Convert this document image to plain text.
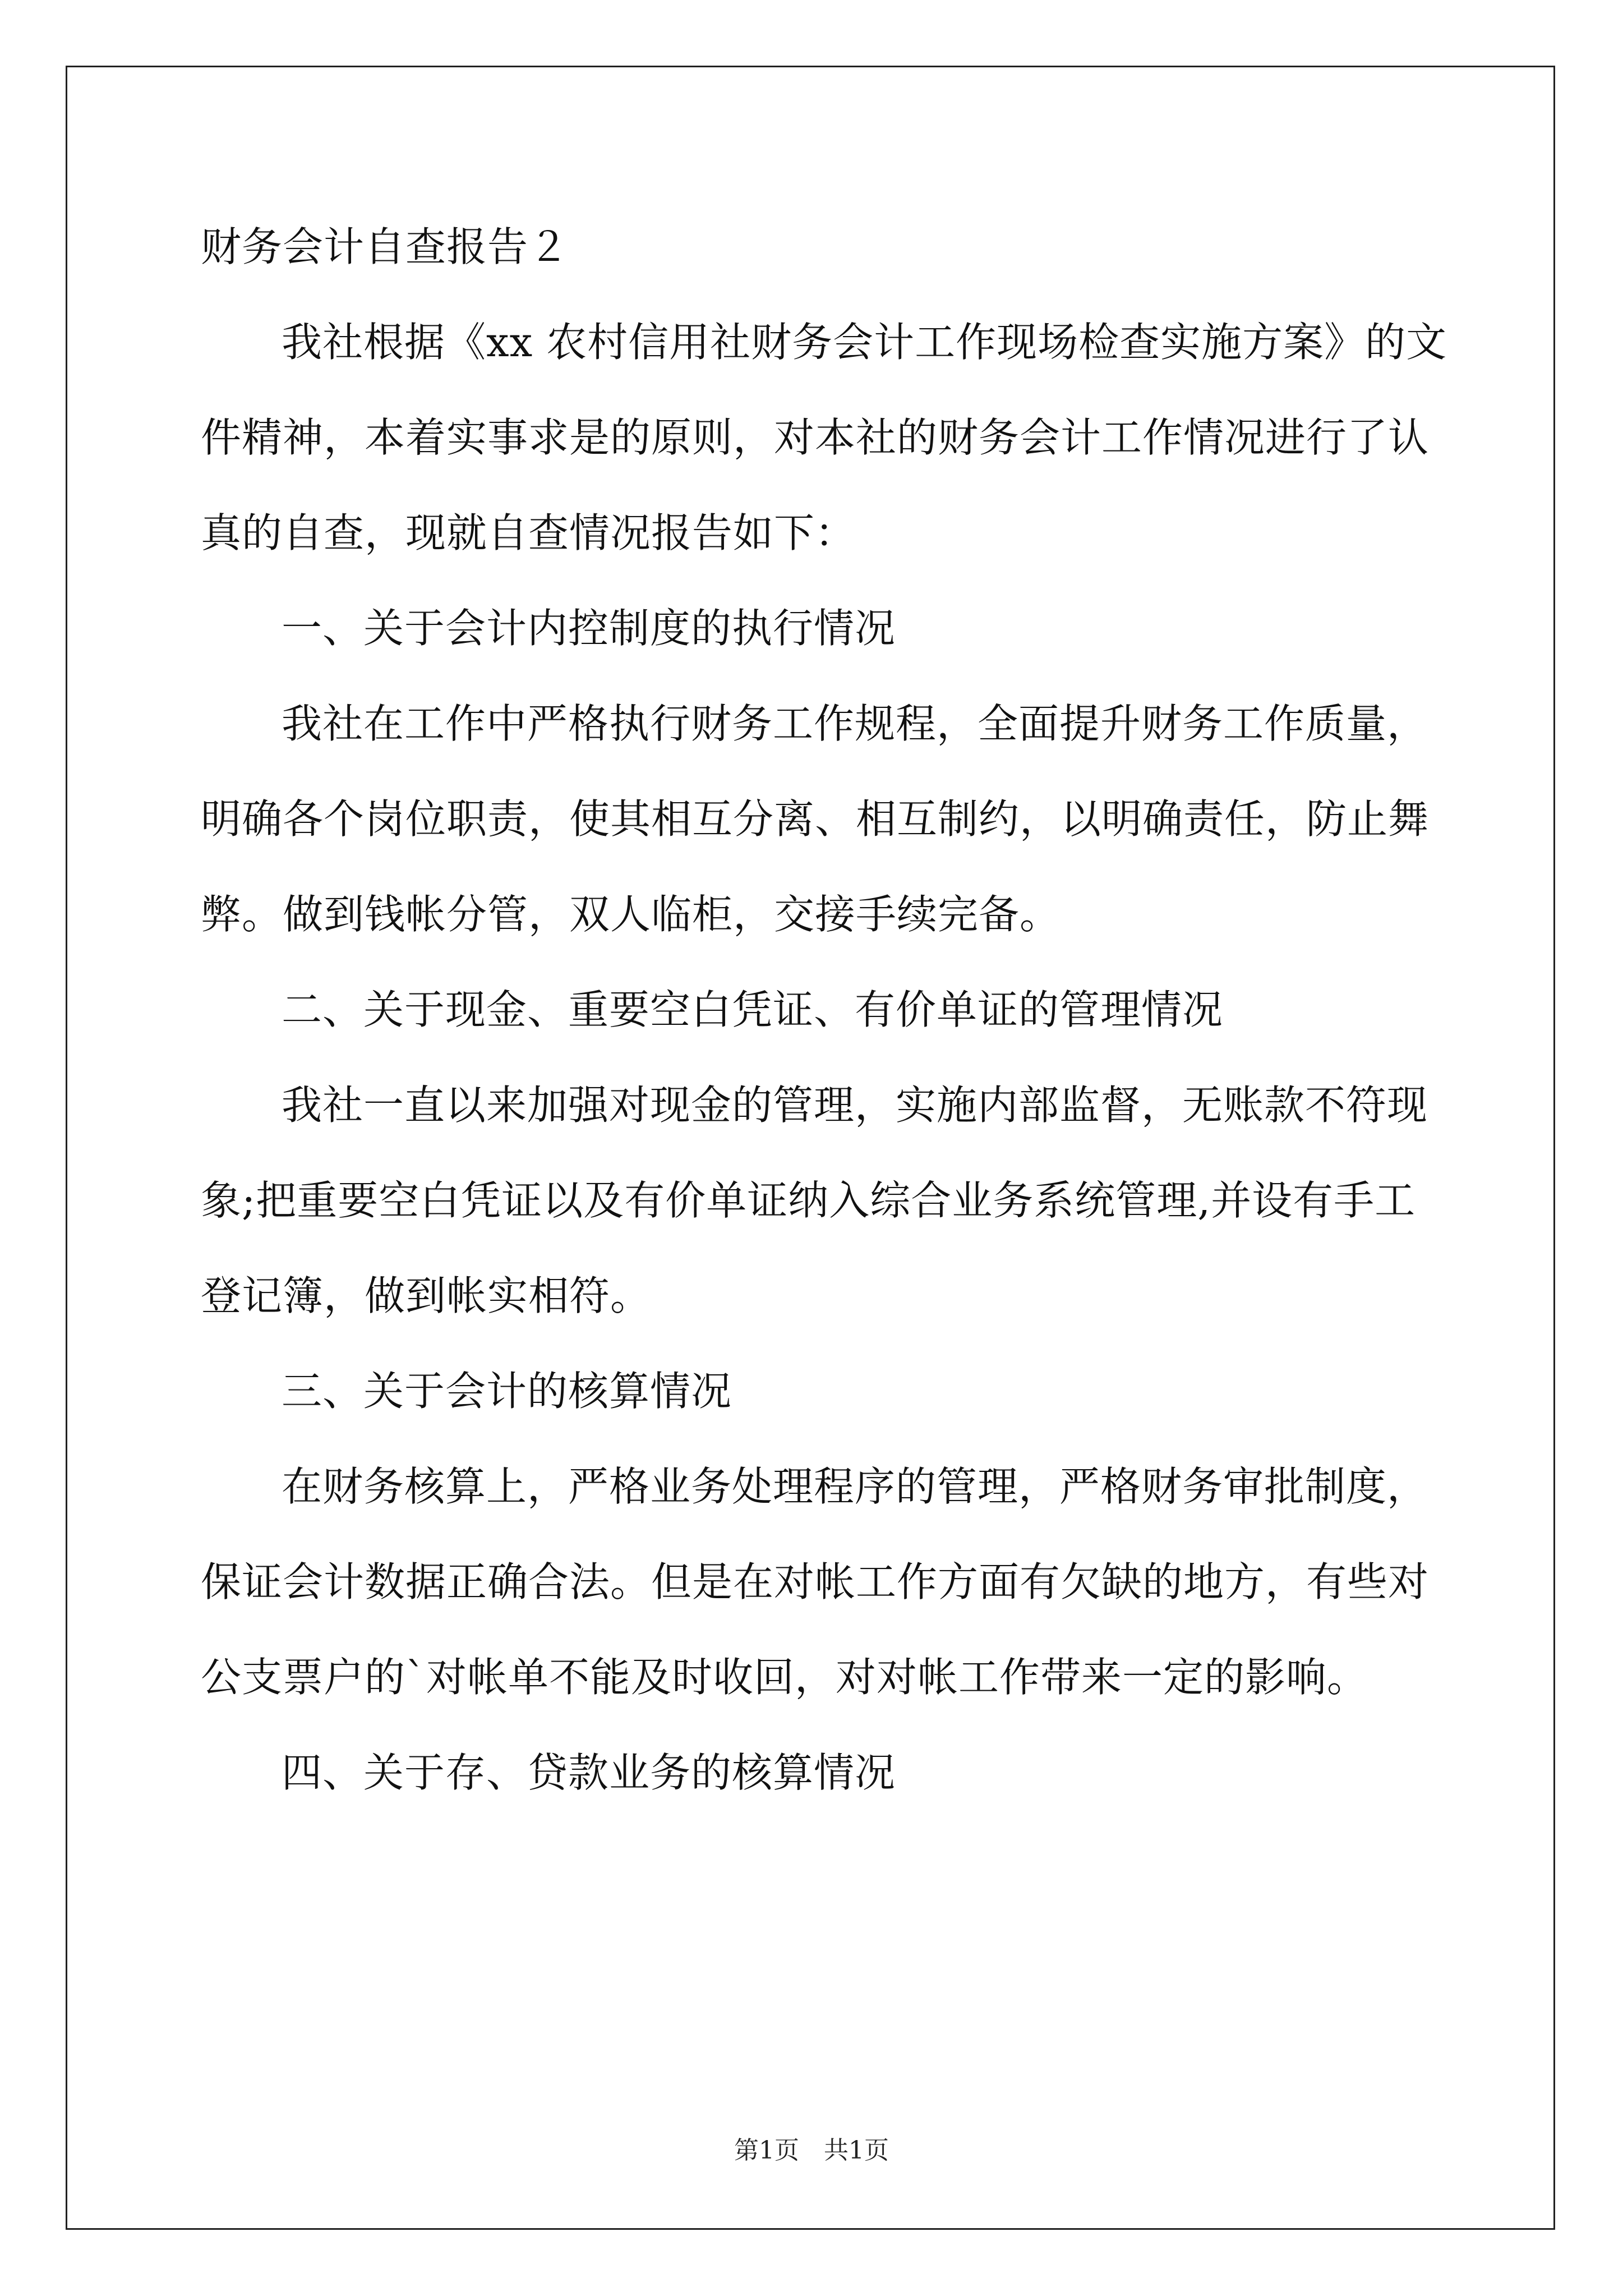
财务会计自查报告２
我社根据《xx 农村信用社财务会计工作现场检查实施方案》的文
件精神，本着实事求是的原则，对本社的财务会计工作情况进行了认
真的自查，现就自查情况报告如下：
一、关于会计内控制度的执行情况
我社在工作中严格执行财务工作规程，全面提升财务工作质量，
明确各个岗位职责，使其相互分离、相互制约，以明确责任，防止舞
弊。做到钱帐分管，双人临柜，交接手续完备。
二、关于现金、重要空白凭证、有价单证的管理情况
我社一直以来加强对现金的管理，实施内部监督，无账款不符现
象;把重要空白凭证以及有价单证纳入综合业务系统管理,并设有手工
登记簿，做到帐实相符。
三、关于会计的核算情况
在财务核算上，严格业务处理程序的管理，严格财务审批制度，
保证会计数据正确合法。但是在对帐工作方面有欠缺的地方，有些对
公支票户的`对帐单不能及时收回，对对帐工作带来一定的影响。
四、关于存、贷款业务的核算情况
第1页　共1页
